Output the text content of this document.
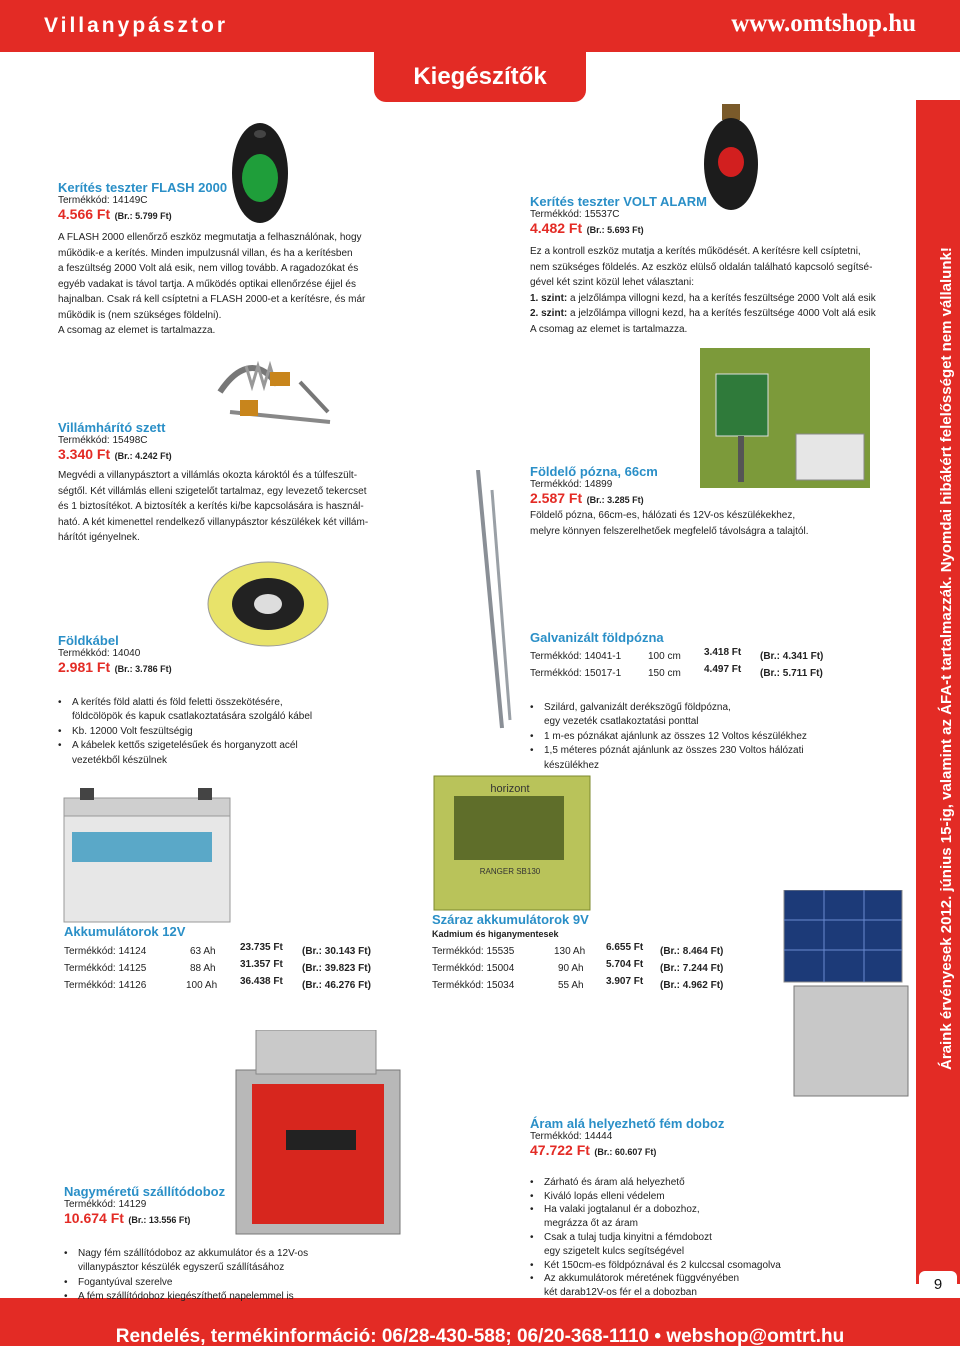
Villanypásztor	www.omtshop.hu
Kiegészítők
Áraink érvényesek 2012. június 15-ig, valamint az ÁFA-t tartalmazzák. Nyomdai hibákért felelősséget nem vállalunk!
9
Rendelés, termékinformáció: 06/28-430-588; 06/20-368-1110 • webshop@omtrt.hu
horizont
RANGER SB130
Kerítés teszter FLASH 2000
Termékkód: 14149C
4.566 Ft (Br.: 5.799 Ft)
A FLASH 2000 ellenőrző eszköz megmutatja a felhasználónak, hogy
működik-e a kerítés. Minden impulzusnál villan, és ha a kerítésben
a feszültség 2000 Volt alá esik, nem villog tovább. A ragadozókat és
egyéb vadakat is távol tartja. A működés optikai ellenőrzése éjjel és
hajnalban. Csak rá kell csíptetni a FLASH 2000-et a kerítésre, és már
működik is (nem szükséges földelni).
A csomag az elemet is tartalmazza.
Villámhárító szett
Termékkód: 15498C
3.340 Ft (Br.: 4.242 Ft)
Megvédi a villanypásztort a villámlás okozta károktól és a túlfeszült-
ségtől. Két villámlás elleni szigetelőt tartalmaz, egy levezető tekercset
és 1 biztosítékot. A biztosíték a kerítés ki/be kapcsolására is használ-
ható. A két kimenettel rendelkező villanypásztor készülékek két villám-
hárítót igényelnek.
Földkábel
Termékkód: 14040
2.981 Ft (Br.: 3.786 Ft)

• A kerítés föld alatti és föld feletti összekötésére,
földcölöpök és kapuk csatlakoztatására szolgáló kábel
• Kb. 12000 Volt feszültségig
• A kábelek kettős szigetelésűek és horganyzott acél
vezetékből készülnek

Akkumulátorok 12V
Termékkód: 14124	63 Ah 23.735 Ft (Br.: 30.143 Ft)
Termékkód: 14125	88 Ah 31.357 Ft (Br.: 39.823 Ft)
Termékkód: 14126	100 Ah 36.438 Ft (Br.: 46.276 Ft)
Nagyméretű szállítódoboz
Termékkód: 14129
10.674 Ft (Br.: 13.556 Ft)

• Nagy fém szállítódoboz az akkumulátor és a 12V-os
villanypásztor készülék egyszerű szállításához
• Fogantyúval szerelve
• A fém szállítódoboz kiegészíthető napelemmel is

Kerítés teszter VOLT ALARM
Termékkód: 15537C
4.482 Ft (Br.: 5.693 Ft)
Ez a kontroll eszköz mutatja a kerítés működését. A kerítésre kell csíptetni,
nem szükséges földelés. Az eszköz elülső oldalán található kapcsoló segítsé-
gével két szint közül lehet választani:
1. szint: a jelzőlámpa villogni kezd, ha a kerítés feszültsége 2000 Volt alá esik
2. szint: a jelzőlámpa villogni kezd, ha a kerítés feszültsége 4000 Volt alá esik
A csomag az elemet is tartalmazza.
Földelő pózna, 66cm
Termékkód: 14899
2.587 Ft (Br.: 3.285 Ft)
Földelő pózna, 66cm-es, hálózati és 12V-os készülékekhez,
melyre könnyen felszerelhetőek megfelelő távolságra a talajtól.
Galvanizált földpózna
Termékkód: 14041-1	100 cm 3.418 Ft (Br.: 4.341 Ft)
Termékkód: 15017-1	150 cm 4.497 Ft (Br.: 5.711 Ft)

• Szilárd, galvanizált derékszögű földpózna,
egy vezeték csatlakoztatási ponttal
• 1 m-es póznákat ajánlunk az összes 12 Voltos készülékhez
• 1,5 méteres póznát ajánlunk az összes 230 Voltos hálózati
készülékhez

Száraz akkumulátorok 9V
Kadmium és higanymentesek
Termékkód: 15535	130 Ah 6.655 Ft (Br.: 8.464 Ft)
Termékkód: 15004	90 Ah 5.704 Ft (Br.: 7.244 Ft)
Termékkód: 15034	55 Ah 3.907 Ft (Br.: 4.962 Ft)
Áram alá helyezhető fém doboz
Termékkód: 14444
47.722 Ft (Br.: 60.607 Ft)

• Zárható és áram alá helyezhető
• Kiváló lopás elleni védelem
• Ha valaki jogtalanul ér a dobozhoz,
megrázza őt az áram
• Csak a tulaj tudja kinyitni a fémdobozt
egy szigetelt kulcs segítségével
• Két 150cm-es földpóznával és 2 kulccsal csomagolva
• Az akkumulátorok méretének függvényében
két darab12V-os fér el a dobozban
